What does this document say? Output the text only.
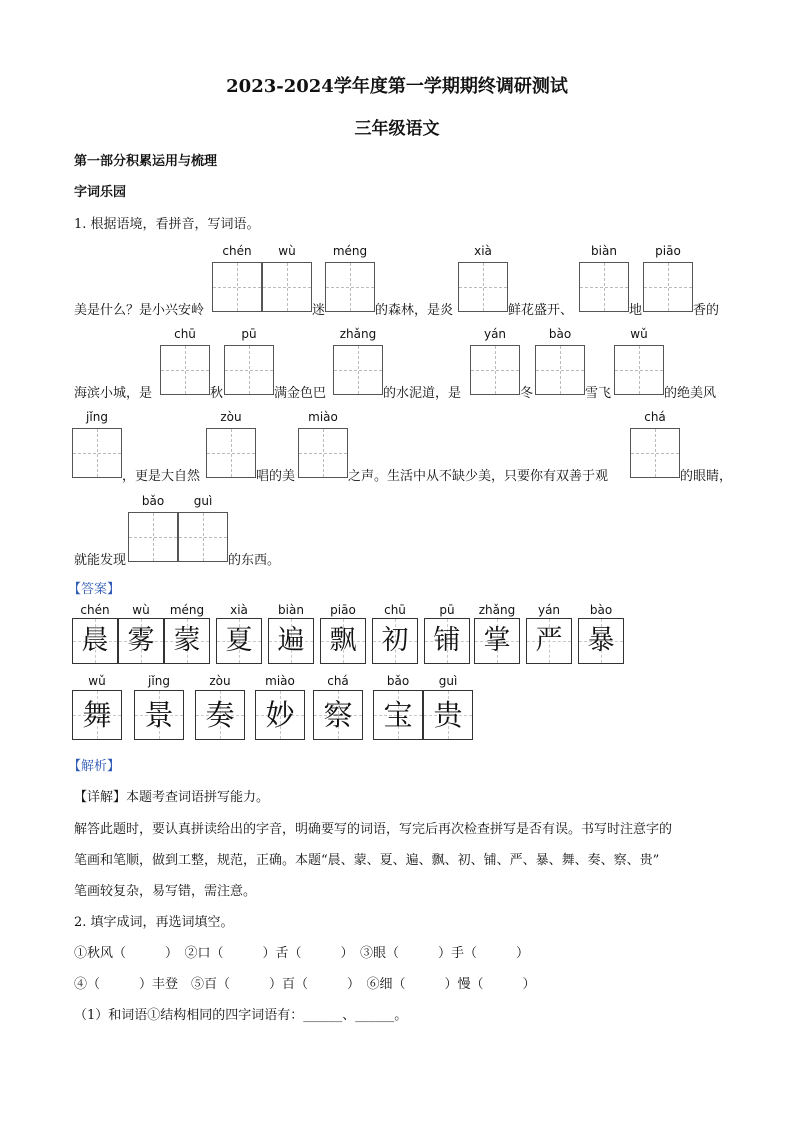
2023-2024学年度第一学期期终调研测试
三年级语文
第一部分积累运用与梳理
字词乐园
1. 根据语境，看拼音，写词语。
chén	wù	méng	xià	biàn	piāo
美是什么？是小兴安岭	迷	的森林，是炎	鲜花盛开、	地	香的
chū	pū	zhǎng	yán	bào	wǔ
海滨小城，是	秋	满金色巴	的水泥道，是	冬	雪飞	的绝美风
jǐng	zòu	miào	chá
，更是大自然	唱的美	之声。生活中从不缺少美，只要你有双善于观	的眼睛，
bǎo	guì
就能发现	的东西。
【答案】
chén	wù	méng	xià	biàn	piāo	chū	pū	zhǎng	yán	bào
晨 雾 蒙 夏 遍 飘 初 铺 掌 严 暴
wǔ	jǐng	zòu	miào	chá	bǎo	guì
舞	景	奏	妙 察	宝 贵
【解析】
【详解】本题考查词语拼写能力。
解答此题时，要认真拼读给出的字音，明确要写的词语，写完后再次检查拼写是否有误。书写时注意字的
笔画和笔顺，做到工整，规范，正确。本题“晨、蒙、夏、遍、飘、初、铺、严、暴、舞、奏、察、贵”
笔画较复杂，易写错，需注意。
2. 填字成词，再选词填空。
①秋风（　　　）　②口（　　　）舌（　　　）　③眼（　　　）手（　　　）
④（　　　）丰登　⑤百（　　　）百（　　　）　⑥细（　　　）慢（　　　）
（1）和词语①结构相同的四字词语有：______、______。
